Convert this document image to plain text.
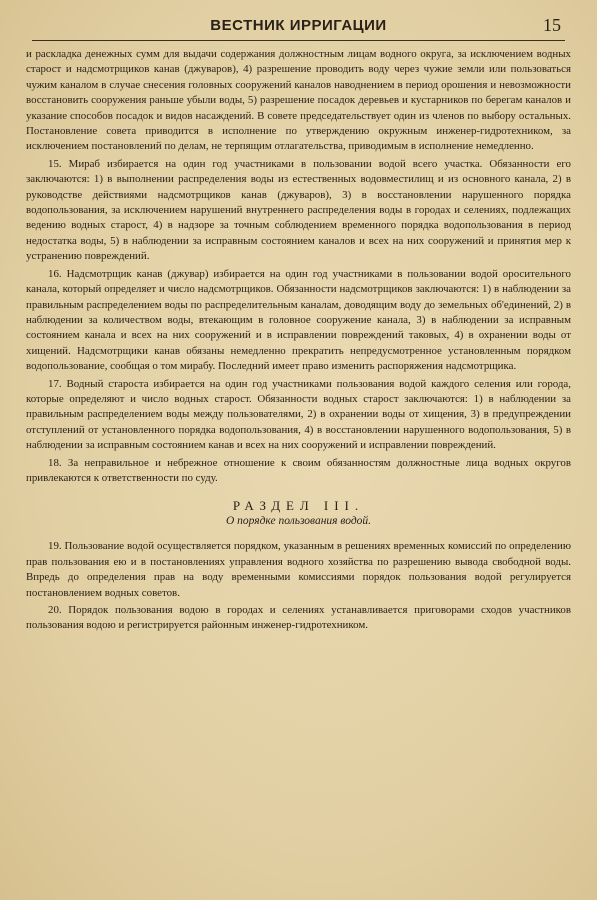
ВЕСТНИК ИРРИГАЦИИ	15

и раскладка денежных сумм для выдачи содержания должностным лицам водного округа, за исключением водных старост и надсмотрщиков канав (джуваров), 4) разрешение проводить воду через чужие земли или пользоваться чужим каналом в случае снесения головных сооружений каналов наводнением в период орошения и невозможности восстановить сооружения раньше убыли воды, 5) разрешение посадок деревьев и кустарников по берегам каналов и указание способов посадок и видов насаждений. В совете председательствует один из членов по выбору остальных. Постановление совета приводится в исполнение по утверждению окружным инженер-гидротехником, за исключением постановлений по делам, не терпящим отлагательства, приводимым в исполнение немедленно.

15. Мираб избирается на один год участниками в пользовании водой всего участка. Обязанности его заключаются: 1) в выполнении распределения воды из естественных водовместилищ и из основного канала, 2) в руководстве действиями надсмотрщиков канав (джуваров), 3) в восстановлении нарушенного порядка водопользования, за исключением нарушений внутреннего распределения воды в городах и селениях, подлежащих ведению водных старост, 4) в надзоре за точным соблюдением временного порядка водопользования в период недостатка воды, 5) в наблюдении за исправным состоянием каналов и всех на них сооружений и принятия мер к устранению повреждений.

16. Надсмотрщик канав (джувар) избирается на один год участниками в пользовании водой оросительного канала, который определяет и число надсмотрщиков. Обязанности надсмотрщиков заключаются: 1) в наблюдении за правильным распределением воды по распределительным каналам, доводящим воду до земельных об'единений, 2) в наблюдении за количеством воды, втекающим в головное сооружение канала, 3) в наблюдении за исправным состоянием канала и всех на них сооружений и в исправлении повреждений таковых, 4) в охранении воды от хищений. Надсмотрщики канав обязаны немедленно прекратить непредусмотренное установленным порядком водопользование, сообщая о том мирабу. Последний имеет право изменить распоряжения надсмотрщика.

17. Водный староста избирается на один год участниками пользования водой каждого селения или города, которые определяют и число водных старост. Обязанности водных старост заключаются: 1) в наблюдении за правильным распределением воды между пользователями, 2) в охранении воды от хищения, 3) в предупреждении отступлений от установленного порядка водопользования, 4) в восстановлении нарушенного водопользования, 5) в наблюдении за исправным состоянием канав и всех на них сооружений и исправлении повреждений.

18. За неправильное и небрежное отношение к своим обязанностям должностные лица водных округов привлекаются к ответственности по суду.

РАЗДЕЛ III.
О порядке пользования водой.

19. Пользование водой осуществляется порядком, указанным в решениях временных комиссий по определению прав пользования ею и в постановлениях управления водного хозяйства по разрешению вывода свободной воды. Впредь до определения прав на воду временными комиссиями порядок пользования водой регулируется постановлением водных советов.

20. Порядок пользования водою в городах и селениях устанавливается приговорами сходов участников пользования водою и регистрируется районным инженер-гидротехником.
